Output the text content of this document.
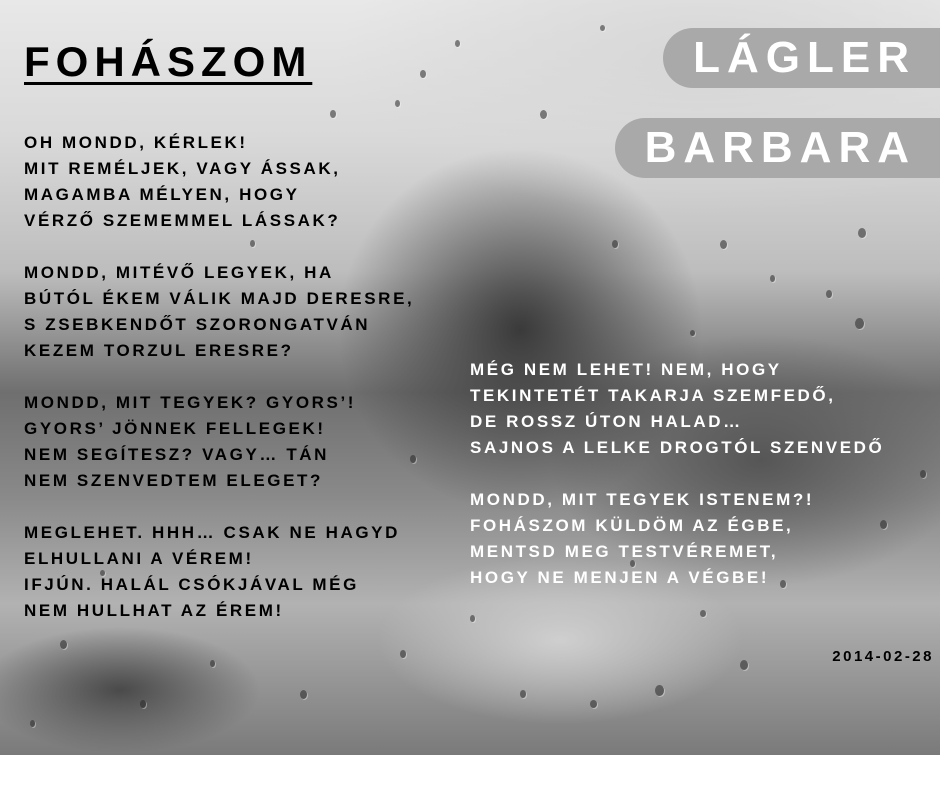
FOHÁSZOM	LÁGLER
BARBARA
OH MONDD, KÉRLEK!
MIT REMÉLJEK, VAGY ÁSSAK,
MAGAMBA MÉLYEN, HOGY
VÉRZŐ SZEMEMMEL LÁSSAK?
MONDD, MITÉVŐ LEGYEK, HA
BÚTÓL ÉKEM VÁLIK MAJD DERESRE,
S ZSEBKENDŐT SZORONGATVÁN
KEZEM TORZUL ERESRE?
MONDD, MIT TEGYEK? GYORS’!
GYORS’ JÖNNEK FELLEGEK!
NEM SEGÍTESZ? VAGY… TÁN
NEM SZENVEDTEM ELEGET?
MEGLEHET. HHH… CSAK NE HAGYD
ELHULLANI A VÉREM!
IFJÚN. HALÁL CSÓKJÁVAL MÉG
NEM HULLHAT AZ ÉREM!
MÉG NEM LEHET! NEM, HOGY
TEKINTETÉT TAKARJA SZEMFEDŐ,
DE ROSSZ ÚTON HALAD…
SAJNOS A LELKE DROGTÓL SZENVEDŐ
MONDD, MIT TEGYEK ISTENEM?!
FOHÁSZOM KÜLDÖM AZ ÉGBE,
MENTSD MEG TESTVÉREMET,
HOGY NE MENJEN A VÉGBE!
2014-02-28
